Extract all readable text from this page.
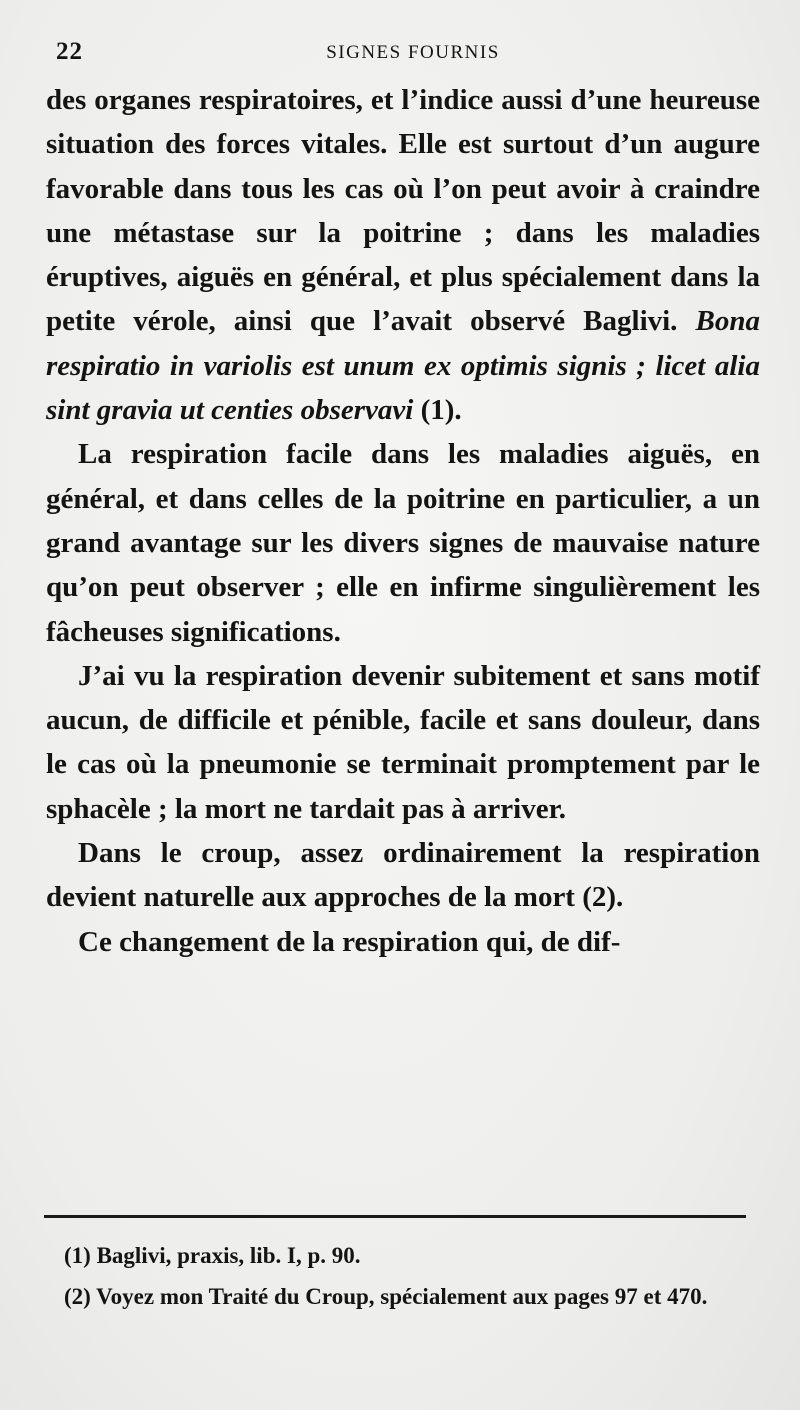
22	SIGNES FOURNIS

des organes respiratoires, et l’indice aussi d’une heureuse situation des forces vitales. Elle est surtout d’un augure favorable dans tous les cas où l’on peut avoir à craindre une métastase sur la poitrine ; dans les maladies éruptives, aiguës en général, et plus spécialement dans la petite vérole, ainsi que l’avait observé Baglivi. Bona respiratio in variolis est unum ex optimis signis ; licet alia sint gravia ut centies observavi (1).

La respiration facile dans les maladies aiguës, en général, et dans celles de la poitrine en particulier, a un grand avantage sur les divers signes de mauvaise nature qu’on peut observer ; elle en infirme singulièrement les fâcheuses significations.

J’ai vu la respiration devenir subitement et sans motif aucun, de difficile et pénible, facile et sans douleur, dans le cas où la pneumonie se terminait promptement par le sphacèle ; la mort ne tardait pas à arriver.

Dans le croup, assez ordinairement la respiration devient naturelle aux approches de la mort (2).

Ce changement de la respiration qui, de dif-

(1) Baglivi, praxis, lib. I, p. 90.

(2) Voyez mon Traité du Croup, spécialement aux pages 97 et 470.
